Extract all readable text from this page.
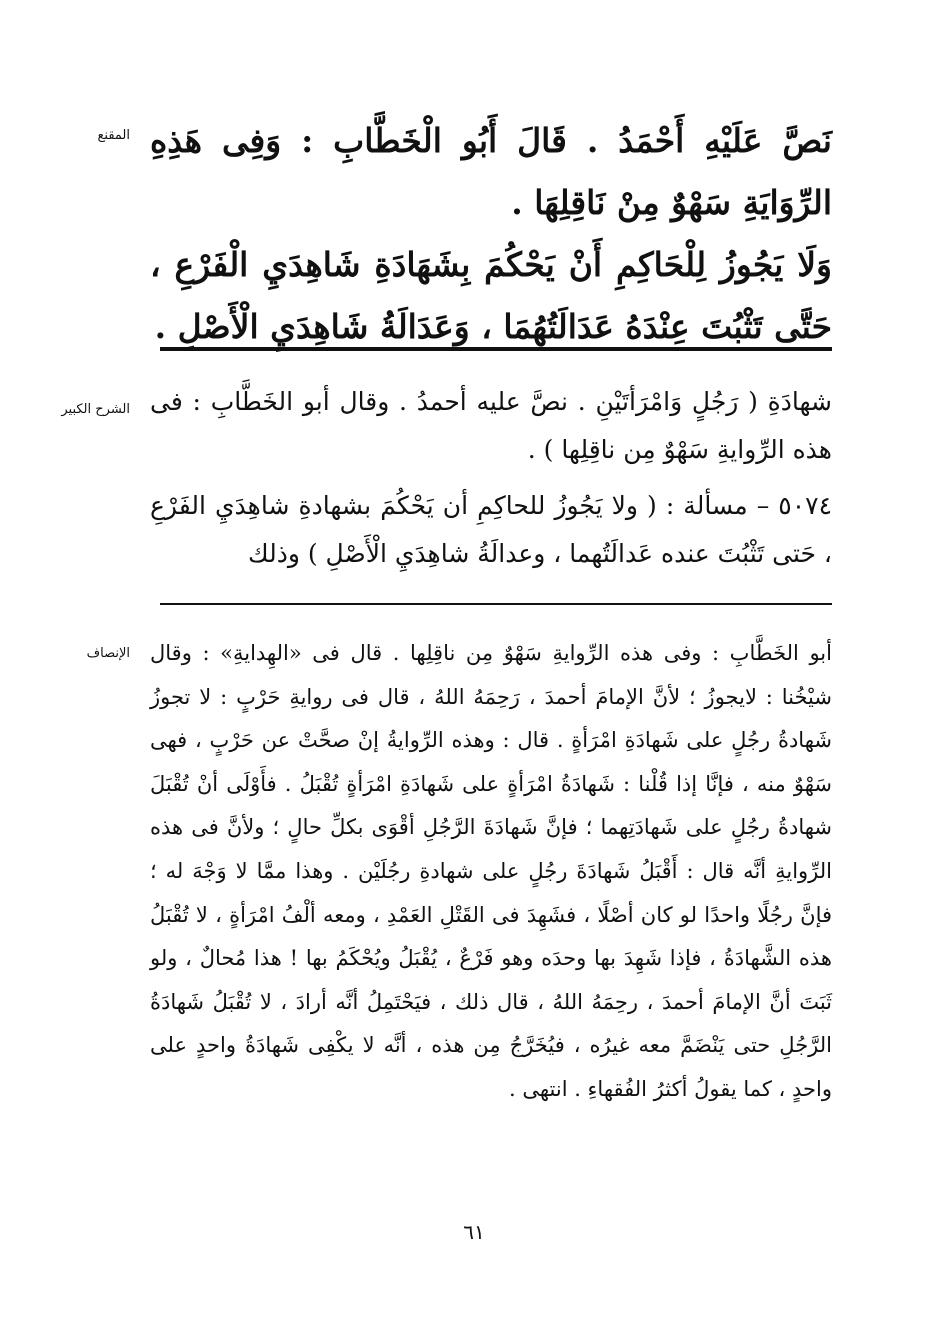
المقنع نَصَّ عَلَيْهِ أَحْمَدُ . قَالَ أَبُو الْخَطَّابِ : وَفِى هَذِهِ الرِّوَايَةِ سَهْوٌ مِنْ نَاقِلِهَا .

وَلَا يَجُوزُ لِلْحَاكِمِ أَنْ يَحْكُمَ بِشَهَادَةِ شَاهِدَيِ الْفَرْعِ ، حَتَّى تَثْبُتَ عِنْدَهُ عَدَالَتُهُمَا ، وَعَدَالَةُ شَاهِدَيِ الْأَصْلِ .

الشرح الكبير شهادَةِ ( رَجُلٍ وَامْرَأتَيْنِ . نصَّ عليه أحمدُ . وقال أبو الخَطَّابِ : فى هذه الرِّوايةِ سَهْوٌ مِن ناقِلِها ) .

٥٠٧٤ – مسألة : ( ولا يَجُوزُ للحاكِمِ أن يَحْكُمَ بشهادةِ شاهِدَيِ الفَرْعِ ، حَتى تَثْبُتَ عنده عَدالَتُهما ، وعدالَةُ شاهِدَيِ الْأَصْلِ ) وذلك

الإنصاف أبو الخَطَّابِ : وفى هذه الرِّوايةِ سَهْوٌ مِن ناقِلِها . قال فى «الهِدايةِ» : وقال شيْخُنا : لايجوزُ ؛ لأنَّ الإمامَ أحمدَ ، رَحِمَهُ اللهُ ، قال فى روايةِ حَرْبٍ : لا تجوزُ شَهادةُ رجُلٍ على شَهادَةِ امْرَأةٍ . قال : وهذه الرِّوايةُ إنْ صحَّتْ عن حَرْبٍ ، فهى سَهْوٌ منه ، فإنَّا إذا قُلْنا : شَهادَةُ امْرَأةٍ على شَهادَةِ امْرَأةٍ تُقْبَلُ . فأَوْلَى أنْ تُقْبَلَ شهادةُ رجُلٍ على شَهادَتِهما ؛ فإنَّ شَهادَةَ الرَّجُلِ أقْوَى بكلِّ حالٍ ؛ ولأنَّ فى هذه الرِّوايةِ أنَّه قال : أَقْبَلُ شَهادَةَ رجُلٍ على شهادةِ رجُلَيْن . وهذا ممَّا لا وَجْهَ له ؛ فإنَّ رجُلًا واحدًا لو كان أصْلًا ، فشَهِدَ فى القَتْلِ العَمْدِ ، ومعه ألْفُ امْرَأةٍ ، لا تُقْبَلُ هذه الشَّهادَةُ ، فإذا شَهِدَ بها وحدَه وهو فَرْعٌ ، يُقْبَلُ ويُحْكَمُ بها ! هذا مُحالٌ ، ولو ثَبَتَ أنَّ الإمامَ أحمدَ ، رحِمَهُ اللهُ ، قال ذلك ، فيَحْتَمِلُ أنَّه أرادَ ، لا تُقْبَلُ شَهادَةُ الرَّجُلِ حتى يَنْضَمَّ معه غيرُه ، فيُخَرَّجُ مِن هذه ، أنَّه لا يكْفِى شَهادَةُ واحدٍ على واحدٍ ، كما يقولُ أكثرُ الفُقهاءِ . انتهى .

٦١
